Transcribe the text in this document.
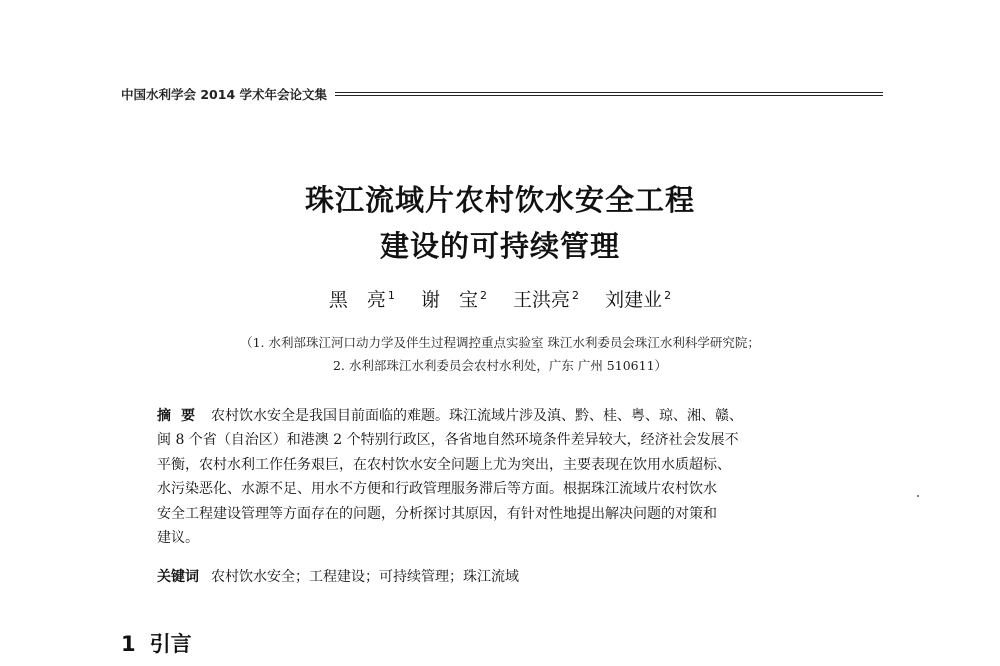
中国水利学会 2014 学术年会论文集
珠江流域片农村饮水安全工程
建设的可持续管理
黑　亮 $^1$ 谢　宝 $^2$ 王洪亮 $^2$ 刘建业 $^2$
（1. 水利部珠江河口动力学及伴生过程调控重点实验室 珠江水利委员会珠江水利科学研究院；
2. 水利部珠江水利委员会农村水利处，广东 广州 510611）
摘要 农村饮水安全是我国目前面临的难题。珠江流域片涉及滇、黔、桂、粤、琼、湘、赣、
闽 8 个省（自治区）和港澳 2 个特别行政区，各省地自然环境条件差异较大，经济社会发展不
平衡，农村水利工作任务艰巨，在农村饮水安全问题上尤为突出，主要表现在饮用水质超标、
水污染恶化、水源不足、用水不方便和行政管理服务滞后等方面。根据珠江流域片农村饮水
安全工程建设管理等方面存在的问题，分析探讨其原因，有针对性地提出解决问题的对策和
建议。
关键词 农村饮水安全；工程建设；可持续管理；珠江流域
1 引言
